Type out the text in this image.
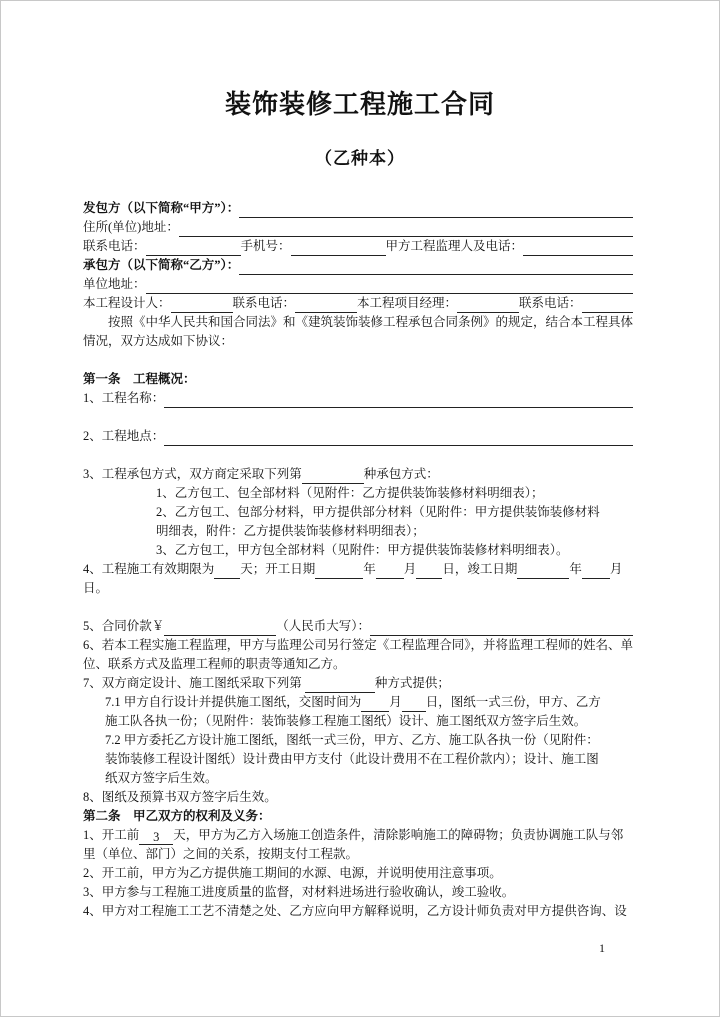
装饰装修工程施工合同
（乙种本）
发包方（以下简称“甲方”）：
住所(单位)地址：
联系电话：	手机号：	甲方工程监理人及电话：
承包方（以下简称“乙方”）：
单位地址：
本工程设计人：	联系电话：	本工程项目经理：	联系电话：
　　按照《中华人民共和国合同法》和《建筑装饰装修工程承包合同条例》的规定，结合本工程具体
情况，双方达成如下协议：
第一条　工程概况：
1、工程名称：
2、工程地点：
3、工程承包方式，双方商定采取下列第	种承包方式：
1、乙方包工、包全部材料（见附件：乙方提供装饰装修材料明细表）；
2、乙方包工、包部分材料，甲方提供部分材料（见附件：甲方提供装饰装修材料
明细表，附件：乙方提供装饰装修材料明细表）；
3、乙方包工，甲方包全部材料（见附件：甲方提供装饰装修材料明细表）。
4、工程施工有效期限为 天；开工日期	年 月 日，竣工日期	年 月
日。
5、合同价款￥	（人民币大写）：
6、若本工程实施工程监理，甲方与监理公司另行签定《工程监理合同》，并将监理工程师的姓名、单
位、联系方式及监理工程师的职责等通知乙方。
7、双方商定设计、施工图纸采取下列第	种方式提供；
7.1 甲方自行设计并提供施工图纸，交图时间为 月 日，图纸一式三份，甲方、乙方
施工队各执一份；（见附件：装饰装修工程施工图纸）设计、施工图纸双方签字后生效。
7.2 甲方委托乙方设计施工图纸，图纸一式三份，甲方、乙方、施工队各执一份（见附件：
装饰装修工程设计图纸）设计费由甲方支付（此设计费用不在工程价款内）；设计、施工图
纸双方签字后生效。
8、图纸及预算书双方签字后生效。
第二条　甲乙双方的权利及义务：
1、开工前	3	天，甲方为乙方入场施工创造条件，清除影响施工的障碍物；负责协调施工队与邻
里（单位、部门）之间的关系，按期支付工程款。
2、开工前，甲方为乙方提供施工期间的水源、电源，并说明使用注意事项。
3、甲方参与工程施工进度质量的监督，对材料进场进行验收确认，竣工验收。
4、甲方对工程施工工艺不清楚之处、乙方应向甲方解释说明，乙方设计师负责对甲方提供咨询、设
1
